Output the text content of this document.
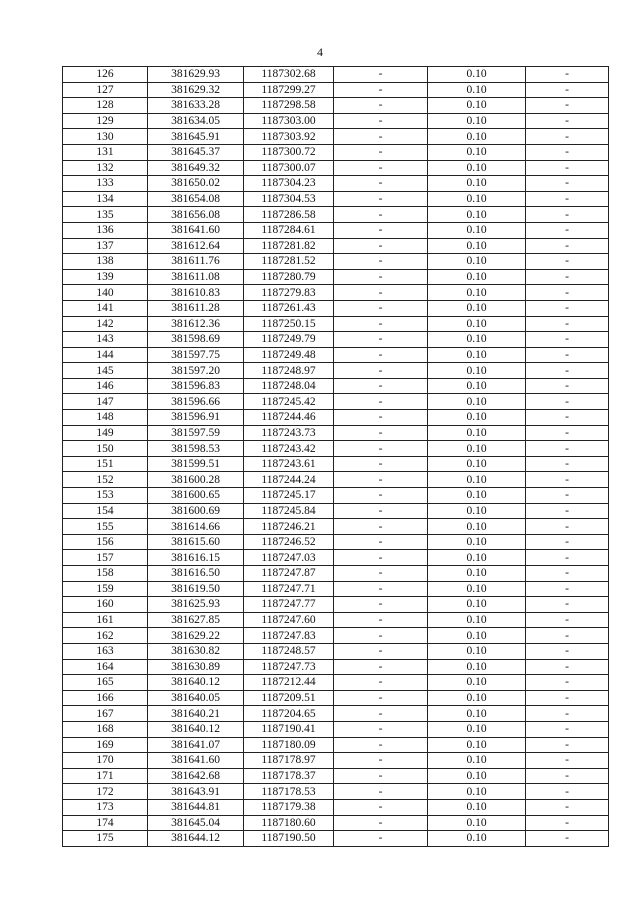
4
126	381629.93	1187302.68	-	0.10	-
127	381629.32	1187299.27	-	0.10	-
128	381633.28	1187298.58	-	0.10	-
129	381634.05	1187303.00	-	0.10	-
130	381645.91	1187303.92	-	0.10	-
131	381645.37	1187300.72	-	0.10	-
132	381649.32	1187300.07	-	0.10	-
133	381650.02	1187304.23	-	0.10	-
134	381654.08	1187304.53	-	0.10	-
135	381656.08	1187286.58	-	0.10	-
136	381641.60	1187284.61	-	0.10	-
137	381612.64	1187281.82	-	0.10	-
138	381611.76	1187281.52	-	0.10	-
139	381611.08	1187280.79	-	0.10	-
140	381610.83	1187279.83	-	0.10	-
141	381611.28	1187261.43	-	0.10	-
142	381612.36	1187250.15	-	0.10	-
143	381598.69	1187249.79	-	0.10	-
144	381597.75	1187249.48	-	0.10	-
145	381597.20	1187248.97	-	0.10	-
146	381596.83	1187248.04	-	0.10	-
147	381596.66	1187245.42	-	0.10	-
148	381596.91	1187244.46	-	0.10	-
149	381597.59	1187243.73	-	0.10	-
150	381598.53	1187243.42	-	0.10	-
151	381599.51	1187243.61	-	0.10	-
152	381600.28	1187244.24	-	0.10	-
153	381600.65	1187245.17	-	0.10	-
154	381600.69	1187245.84	-	0.10	-
155	381614.66	1187246.21	-	0.10	-
156	381615.60	1187246.52	-	0.10	-
157	381616.15	1187247.03	-	0.10	-
158	381616.50	1187247.87	-	0.10	-
159	381619.50	1187247.71	-	0.10	-
160	381625.93	1187247.77	-	0.10	-
161	381627.85	1187247.60	-	0.10	-
162	381629.22	1187247.83	-	0.10	-
163	381630.82	1187248.57	-	0.10	-
164	381630.89	1187247.73	-	0.10	-
165	381640.12	1187212.44	-	0.10	-
166	381640.05	1187209.51	-	0.10	-
167	381640.21	1187204.65	-	0.10	-
168	381640.12	1187190.41	-	0.10	-
169	381641.07	1187180.09	-	0.10	-
170	381641.60	1187178.97	-	0.10	-
171	381642.68	1187178.37	-	0.10	-
172	381643.91	1187178.53	-	0.10	-
173	381644.81	1187179.38	-	0.10	-
174	381645.04	1187180.60	-	0.10	-
175	381644.12	1187190.50	-	0.10	-
